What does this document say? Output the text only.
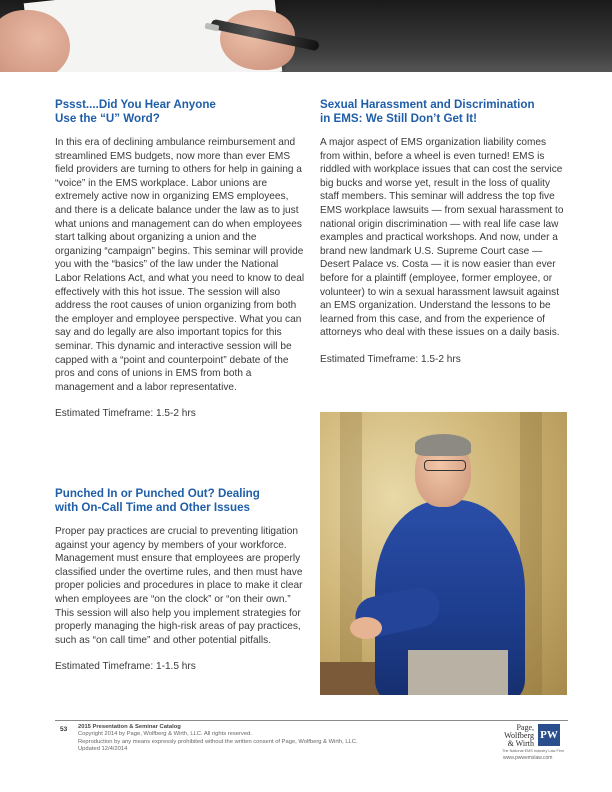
Pssst....Did You Hear Anyone
Use the “U” Word?

In this era of declining ambulance reimbursement and streamlined EMS budgets, now more than ever EMS field providers are turning to others for help in gaining a “voice” in the EMS workplace. Labor unions are extremely active now in organizing EMS employees, and there is a delicate balance under the law as to just what unions and management can do when employees start talking about organizing a union and the organizing “campaign” begins. This seminar will provide you with the “basics” of the law under the National Labor Relations Act, and what you need to know to deal effectively with this hot issue. The session will also address the root causes of union organizing from both the employer and employee perspective. What you can say and do legally are also important topics for this seminar. This dynamic and interactive session will be capped with a “point and counterpoint” debate of the pros and cons of unions in EMS from both a management and a labor representative.

Estimated Timeframe: 1.5-2 hrs

Punched In or Punched Out? Dealing
with On-Call Time and Other Issues

Proper pay practices are crucial to preventing litigation against your agency by members of your workforce. Management must ensure that employees are properly classified under the overtime rules, and then must have proper policies and procedures in place to make it clear when employees are “on the clock” or “on their own.” This session will also help you implement strategies for properly managing the high-risk areas of pay practices, such as “on call time” and other potential pitfalls.

Estimated Timeframe: 1-1.5 hrs

Sexual Harassment and Discrimination
in EMS: We Still Don’t Get It!

A major aspect of EMS organization liability comes from within, before a wheel is even turned! EMS is riddled with workplace issues that can cost the service big bucks and worse yet, result in the loss of quality staff members. This seminar will address the top five EMS workplace lawsuits — from sexual harassment to national origin discrimination — with real life case law examples and practical workshops. And now, under a brand new landmark U.S. Supreme Court case — Desert Palace vs. Costa — it is now easier than ever before for a plaintiff (employee, former employee, or volunteer) to win a sexual harassment lawsuit against an EMS organization. Understand the lessons to be learned from this case, and from the experience of attorneys who deal with these issues on a daily basis.

Estimated Timeframe: 1.5-2 hrs

53 2015 Presentation & Seminar Catalog
Copyright 2014 by Page, Wolfberg & Wirth, LLC. All rights reserved.
Reproduction by any means expressly prohibited without the written consent of Page, Wolfberg & Wirth, LLC.
Updated 12/4/2014
Page,
Wolfberg
& Wirth
PW
The National EMS Industry Law Firm
www.pwwemslaw.com
